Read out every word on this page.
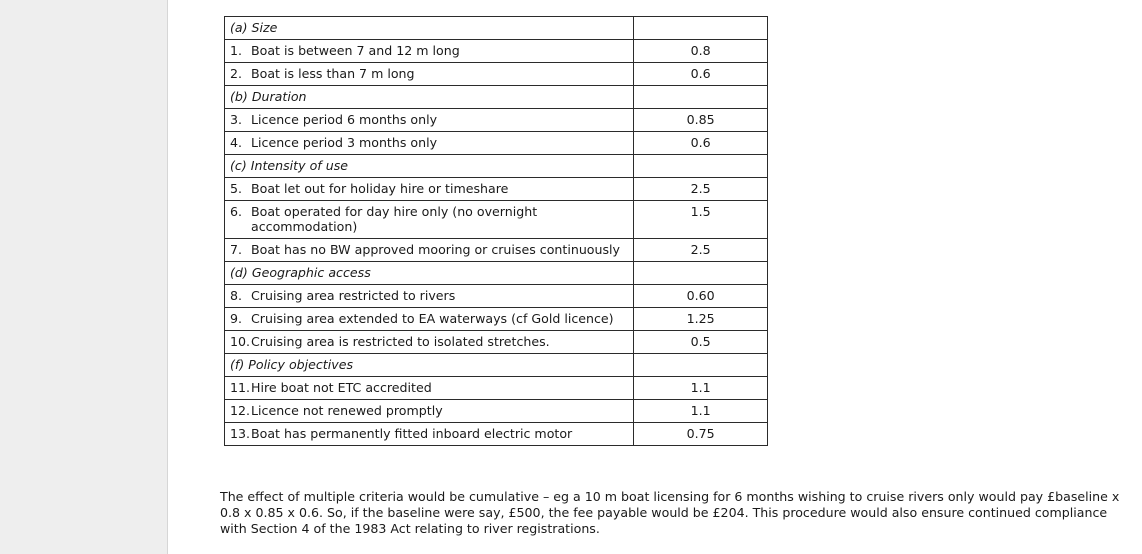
(a) Size	

1. Boat is between 7 and 12 m long	0.8

2. Boat is less than 7 m long	0.6
(b) Duration	

3. Licence period 6 months only	0.85

4. Licence period 3 months only	0.6
(c) Intensity of use	

5. Boat let out for holiday hire or timeshare	2.5

6. Boat operated for day hire only (no overnight accommodation)	1.5

7. Boat has no BW approved mooring or cruises continuously	2.5
(d) Geographic access	

8. Cruising area restricted to rivers	0.60

9. Cruising area extended to EA waterways (cf Gold licence)	1.25

10. Cruising area is restricted to isolated stretches.	0.5
(f) Policy objectives	

11. Hire boat not ETC accredited	1.1

12. Licence not renewed promptly	1.1

13. Boat has permanently fitted inboard electric motor	0.75

The effect of multiple criteria would be cumulative – eg a 10 m boat licensing for 6 months wishing to cruise rivers only would pay £baseline x 0.8 x 0.85 x 0.6. So, if the baseline were say, £500, the fee payable would be £204. This procedure would also ensure continued compliance with Section 4 of the 1983 Act relating to river registrations.
